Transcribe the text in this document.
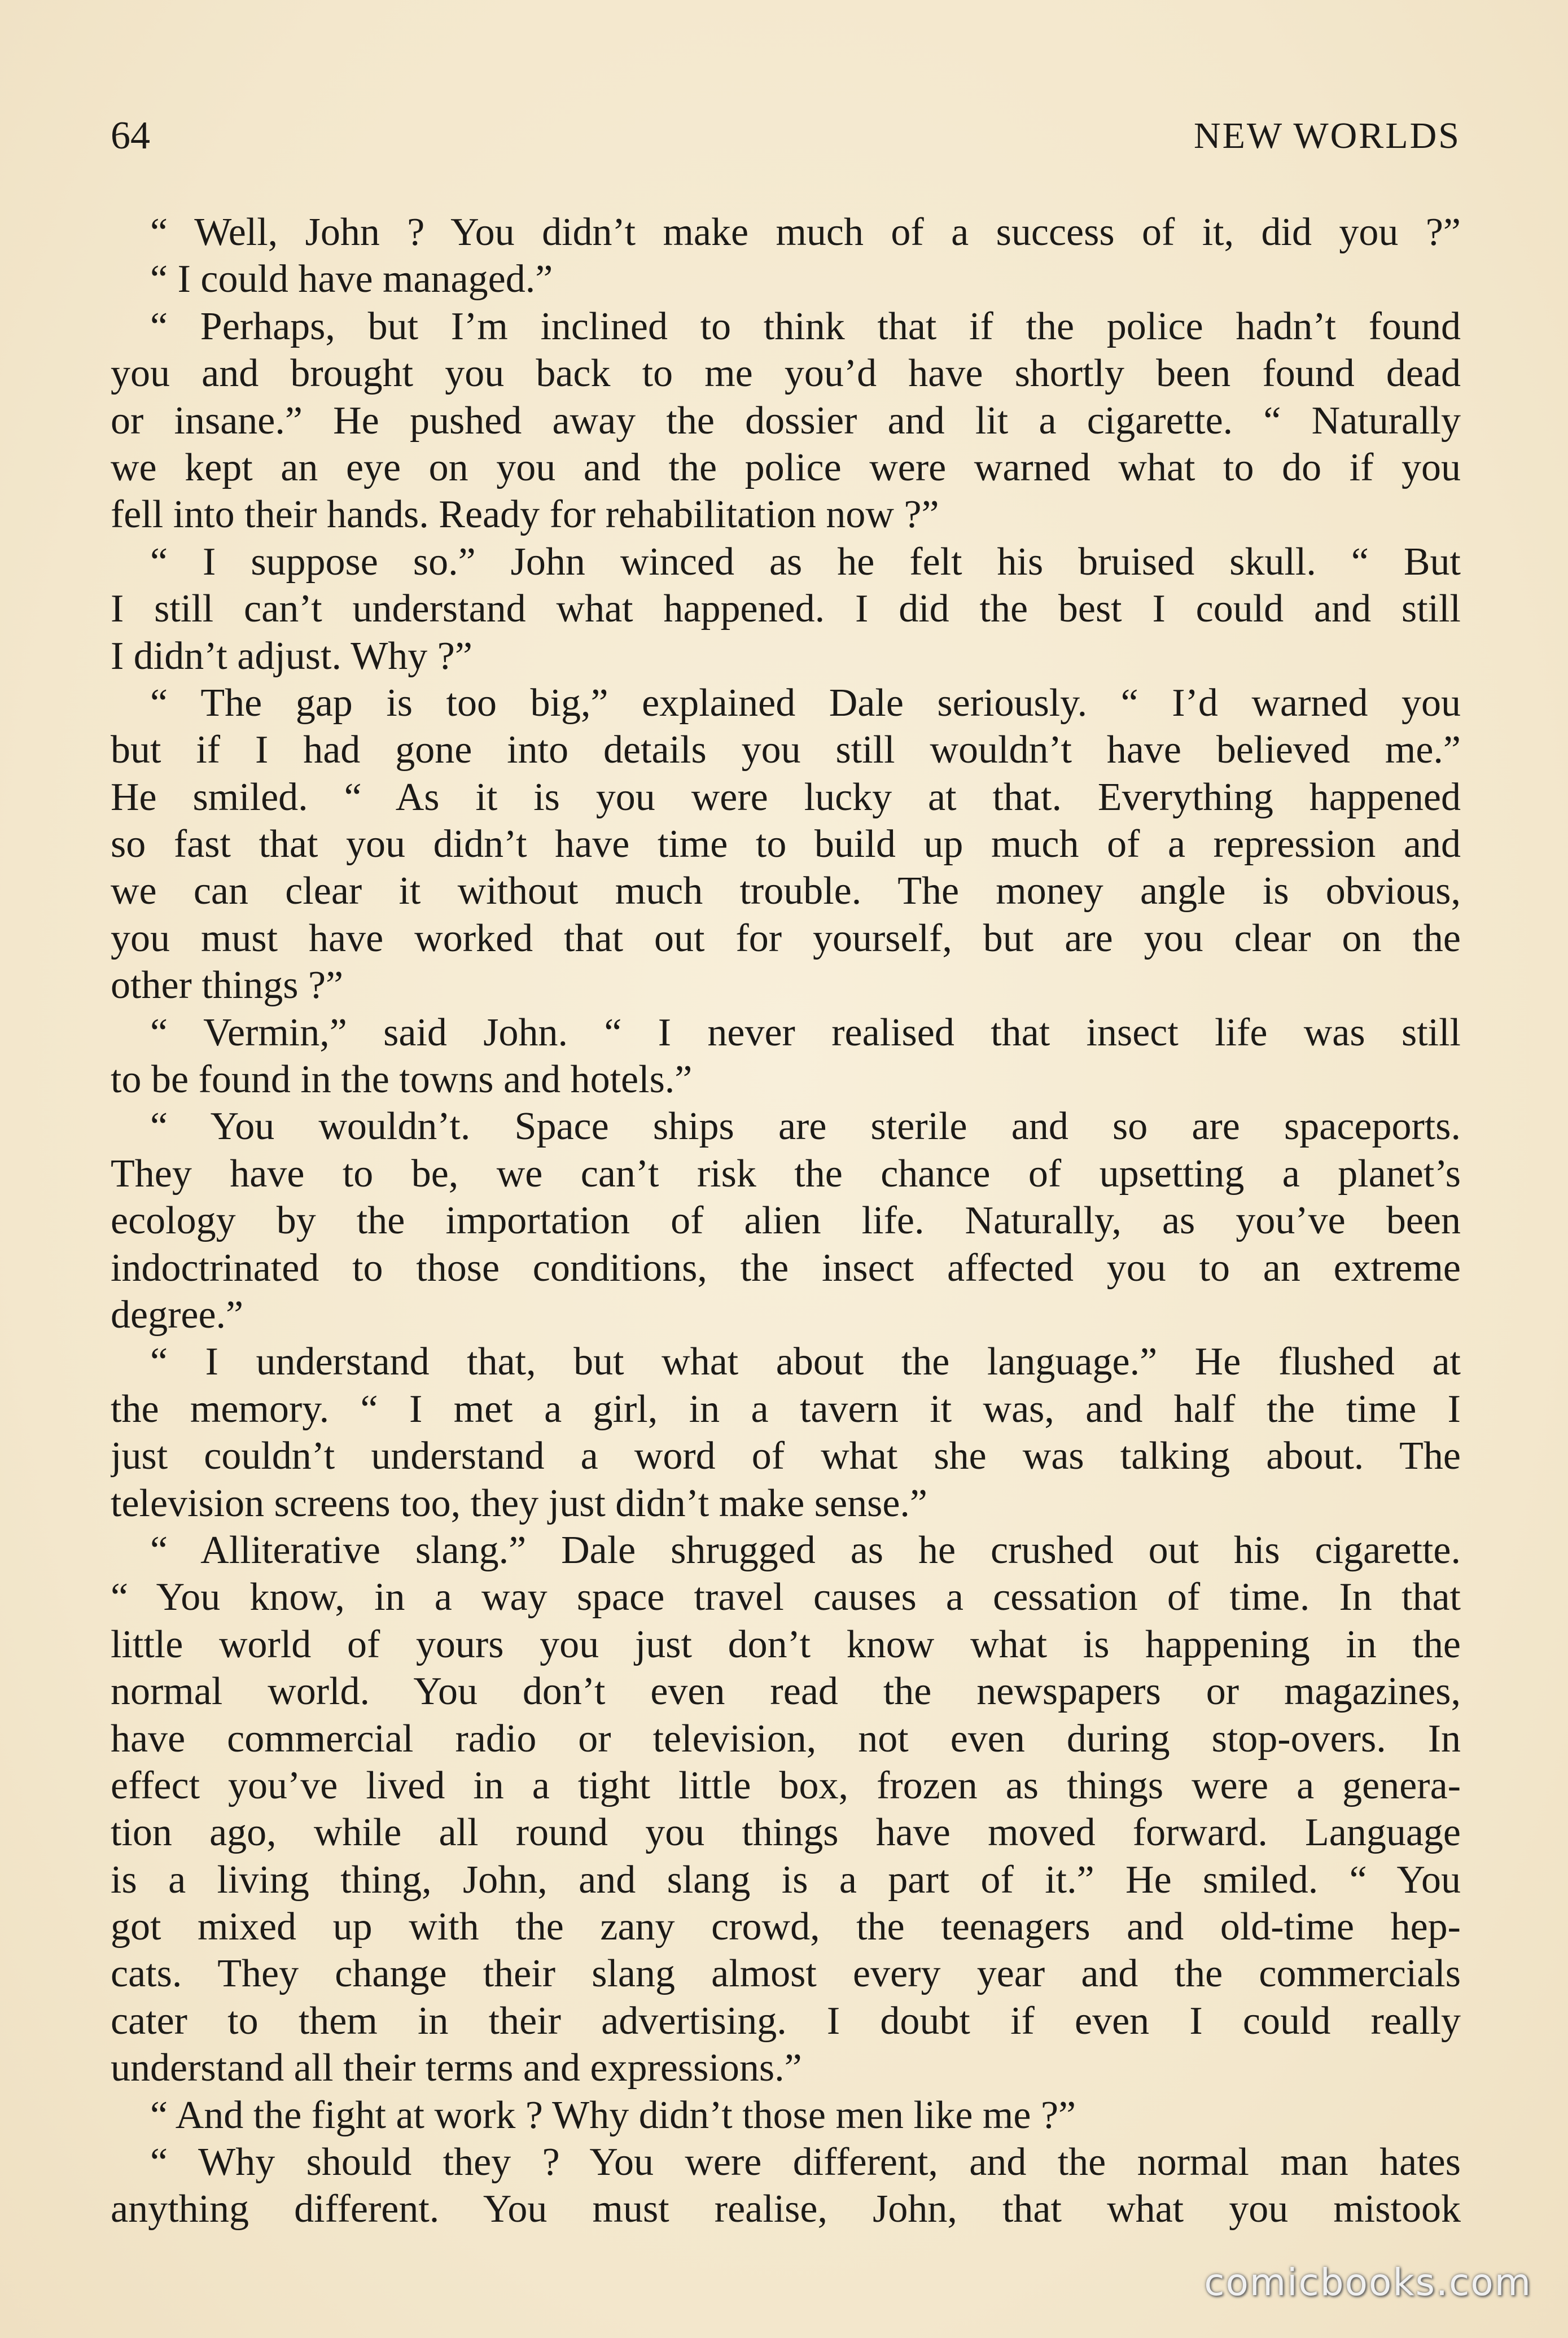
64	NEW WORLDS
“ Well, John ? You didn’t make much of a success of it, did you ?”
“ I could have managed.”
“ Perhaps, but I’m inclined to think that if the police hadn’t found
you and brought you back to me you’d have shortly been found dead
or insane.” He pushed away the dossier and lit a cigarette. “ Naturally
we kept an eye on you and the police were warned what to do if you
fell into their hands. Ready for rehabilitation now ?”
“ I suppose so.” John winced as he felt his bruised skull. “ But
I still can’t understand what happened. I did the best I could and still
I didn’t adjust. Why ?”
“ The gap is too big,” explained Dale seriously. “ I’d warned you
but if I had gone into details you still wouldn’t have believed me.”
He smiled. “ As it is you were lucky at that. Everything happened
so fast that you didn’t have time to build up much of a repression and
we can clear it without much trouble. The money angle is obvious,
you must have worked that out for yourself, but are you clear on the
other things ?”
“ Vermin,” said John. “ I never realised that insect life was still
to be found in the towns and hotels.”
“ You wouldn’t. Space ships are sterile and so are spaceports.
They have to be, we can’t risk the chance of upsetting a planet’s
ecology by the importation of alien life. Naturally, as you’ve been
indoctrinated to those conditions, the insect affected you to an extreme
degree.”
“ I understand that, but what about the language.” He flushed at
the memory. “ I met a girl, in a tavern it was, and half the time I
just couldn’t understand a word of what she was talking about. The
television screens too, they just didn’t make sense.”
“ Alliterative slang.” Dale shrugged as he crushed out his cigarette.
“ You know, in a way space travel causes a cessation of time. In that
little world of yours you just don’t know what is happening in the
normal world. You don’t even read the newspapers or magazines,
have commercial radio or television, not even during stop-overs. In
effect you’ve lived in a tight little box, frozen as things were a genera-
tion ago, while all round you things have moved forward. Language
is a living thing, John, and slang is a part of it.” He smiled. “ You
got mixed up with the zany crowd, the teenagers and old-time hep-
cats. They change their slang almost every year and the commercials
cater to them in their advertising. I doubt if even I could really
understand all their terms and expressions.”
“ And the fight at work ? Why didn’t those men like me ?”
“ Why should they ? You were different, and the normal man hates
anything different. You must realise, John, that what you mistook
comicbooks.com
